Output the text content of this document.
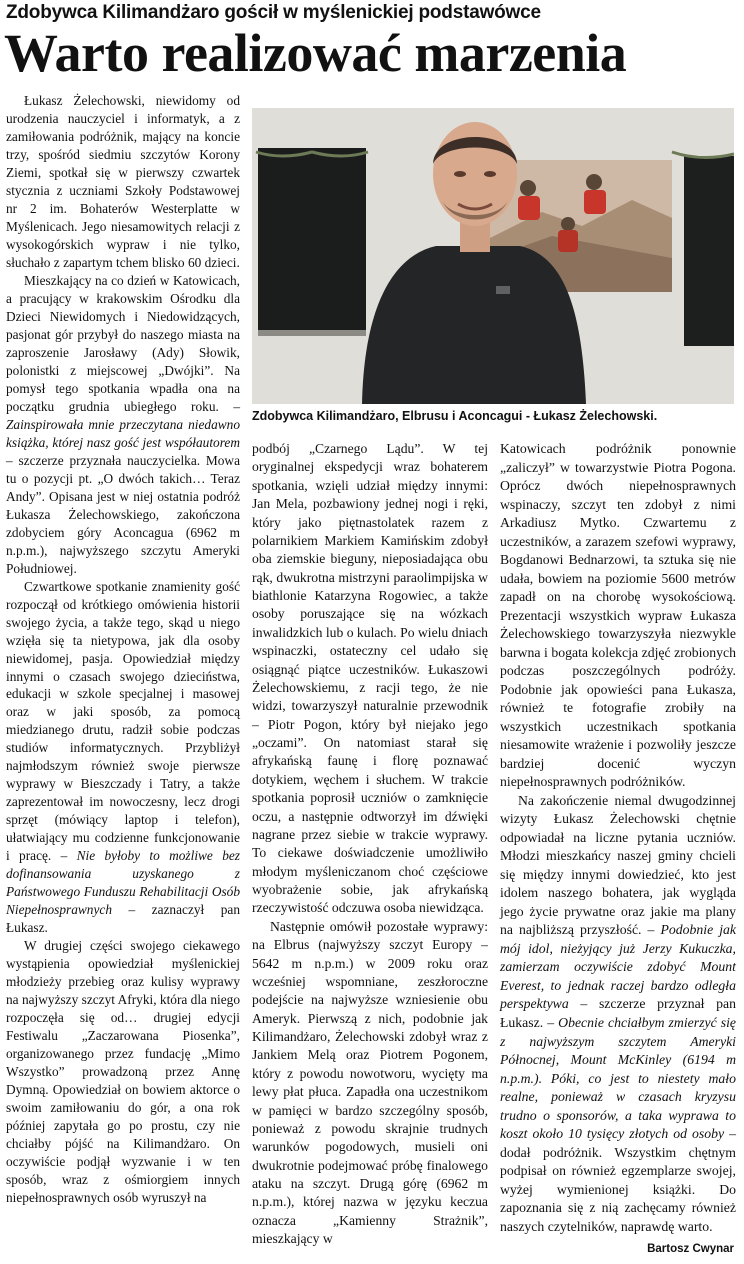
Zdobywca Kilimandżaro gościł w myślenickiej podstawówce
Warto realizować marzenia

Łukasz Żelechowski, niewidomy od urodzenia nauczyciel i informatyk, a z zamiłowania podróżnik, mający na koncie trzy, spośród siedmiu szczytów Korony Ziemi, spotkał się w pierwszy czwartek stycznia z uczniami Szkoły Podstawowej nr 2 im. Bohaterów Westerplatte w Myślenicach. Jego niesamowitych relacji z wysokogórskich wypraw i nie tylko, słuchało z zapartym tchem blisko 60 dzieci.

Mieszkający na co dzień w Katowicach, a pracujący w krakowskim Ośrodku dla Dzieci Niewidomych i Niedowidzących, pasjonat gór przybył do naszego miasta na zaproszenie Jarosławy (Ady) Słowik, polonistki z miejscowej „Dwójki”. Na pomysł tego spotkania wpadła ona na początku grudnia ubiegłego roku. – Zainspirowała mnie przeczytana niedawno książka, której nasz gość jest współautorem – szczerze przyznała nauczycielka. Mowa tu o pozycji pt. „O dwóch takich… Teraz Andy”. Opisana jest w niej ostatnia podróż Łukasza Żelechowskiego, zakończona zdobyciem góry Aconcagua (6962 m n.p.m.), najwyższego szczytu Ameryki Południowej.

Czwartkowe spotkanie znamienity gość rozpoczął od krótkiego omówienia historii swojego życia, a także tego, skąd u niego wzięła się ta nietypowa, jak dla osoby niewidomej, pasja. Opowiedział między innymi o czasach swojego dzieciństwa, edukacji w szkole specjalnej i masowej oraz w jaki sposób, za pomocą miedzianego drutu, radził sobie podczas studiów informatycznych. Przybliżył najmłodszym również swoje pierwsze wyprawy w Bieszczady i Tatry, a także zaprezentował im nowoczesny, lecz drogi sprzęt (mówiący laptop i telefon), ułatwiający mu codzienne funkcjonowanie i pracę. – Nie byłoby to możliwe bez dofinansowania uzyskanego z Państwowego Funduszu Rehabilitacji Osób Niepełnosprawnych – zaznaczył pan Łukasz.

W drugiej części swojego ciekawego wystąpienia opowiedział myślenickiej młodzieży przebieg oraz kulisy wyprawy na najwyższy szczyt Afryki, która dla niego rozpoczęła się od… drugiej edycji Festiwalu „Zaczarowana Piosenka”, organizowanego przez fundację „Mimo Wszystko” prowadzoną przez Annę Dymną. Opowiedział on bowiem aktorce o swoim zamiłowaniu do gór, a ona rok później zapytała go po prostu, czy nie chciałby pójść na Kilimandżaro. On oczywiście podjął wyzwanie i w ten sposób, wraz z ośmiorgiem innych niepełnosprawnych osób wyruszył na

Zdobywca Kilimandżaro, Elbrusu i Aconcagui - Łukasz Żelechowski.

podbój „Czarnego Lądu”. W tej oryginalnej ekspedycji wraz bohaterem spotkania, wzięli udział między innymi: Jan Mela, pozbawiony jednej nogi i ręki, który jako piętnastolatek razem z polarnikiem Markiem Kamińskim zdobył oba ziemskie bieguny, nieposiadająca obu rąk, dwukrotna mistrzyni paraolimpijska w biathlonie Katarzyna Rogowiec, a także osoby poruszające się na wózkach inwalidzkich lub o kulach. Po wielu dniach wspinaczki, ostateczny cel udało się osiągnąć piątce uczestników. Łukaszowi Żelechowskiemu, z racji tego, że nie widzi, towarzyszył naturalnie przewodnik – Piotr Pogon, który był niejako jego „oczami”. On natomiast starał się afrykańską faunę i florę poznawać dotykiem, węchem i słuchem. W trakcie spotkania poprosił uczniów o zamknięcie oczu, a następnie odtworzył im dźwięki nagrane przez siebie w trakcie wyprawy. To ciekawe doświadczenie umożliwiło młodym myśleniczanom choć częściowe wyobrażenie sobie, jak afrykańską rzeczywistość odczuwa osoba niewidząca.

Następnie omówił pozostałe wyprawy: na Elbrus (najwyższy szczyt Europy – 5642 m n.p.m.) w 2009 roku oraz wcześniej wspomniane, zeszłoroczne podejście na najwyższe wzniesienie obu Ameryk. Pierwszą z nich, podobnie jak Kilimandżaro, Żelechowski zdobył wraz z Jankiem Melą oraz Piotrem Pogonem, który z powodu nowotworu, wycięty ma lewy płat płuca. Zapadła ona uczestnikom w pamięci w bardzo szczególny sposób, ponieważ z powodu skrajnie trudnych warunków pogodowych, musieli oni dwukrotnie podejmować próbę finalowego ataku na szczyt. Drugą górę (6962 m n.p.m.), której nazwa w języku keczua oznacza „Kamienny Strażnik”, mieszkający w

Katowicach podróżnik ponownie „zaliczył” w towarzystwie Piotra Pogona. Oprócz dwóch niepełnosprawnych wspinaczy, szczyt ten zdobył z nimi Arkadiusz Mytko. Czwartemu z uczestników, a zarazem szefowi wyprawy, Bogdanowi Bednarzowi, ta sztuka się nie udała, bowiem na poziomie 5600 metrów zapadł on na chorobę wysokościową. Prezentacji wszystkich wypraw Łukasza Żelechowskiego towarzyszyła niezwykle barwna i bogata kolekcja zdjęć zrobionych podczas poszczególnych podróży. Podobnie jak opowieści pana Łukasza, również te fotografie zrobiły na wszystkich uczestnikach spotkania niesamowite wrażenie i pozwoliły jeszcze bardziej docenić wyczyn niepełnosprawnych podróżników.

Na zakończenie niemal dwugodzinnej wizyty Łukasz Żelechowski chętnie odpowiadał na liczne pytania uczniów. Młodzi mieszkańcy naszej gminy chcieli się między innymi dowiedzieć, kto jest idolem naszego bohatera, jak wygląda jego życie prywatne oraz jakie ma plany na najbliższą przyszłość. – Podobnie jak mój idol, nieżyjący już Jerzy Kukuczka, zamierzam oczywiście zdobyć Mount Everest, to jednak raczej bardzo odległa perspektywa – szczerze przyznał pan Łukasz. – Obecnie chciałbym zmierzyć się z najwyższym szczytem Ameryki Północnej, Mount McKinley (6194 m n.p.m.). Póki, co jest to niestety mało realne, ponieważ w czasach kryzysu trudno o sponsorów, a taka wyprawa to koszt około 10 tysięcy złotych od osoby – dodał podróżnik. Wszystkim chętnym podpisał on również egzemplarze swojej, wyżej wymienionej książki. Do zapoznania się z nią zachęcamy również naszych czytelników, naprawdę warto.

Bartosz Cwynar
